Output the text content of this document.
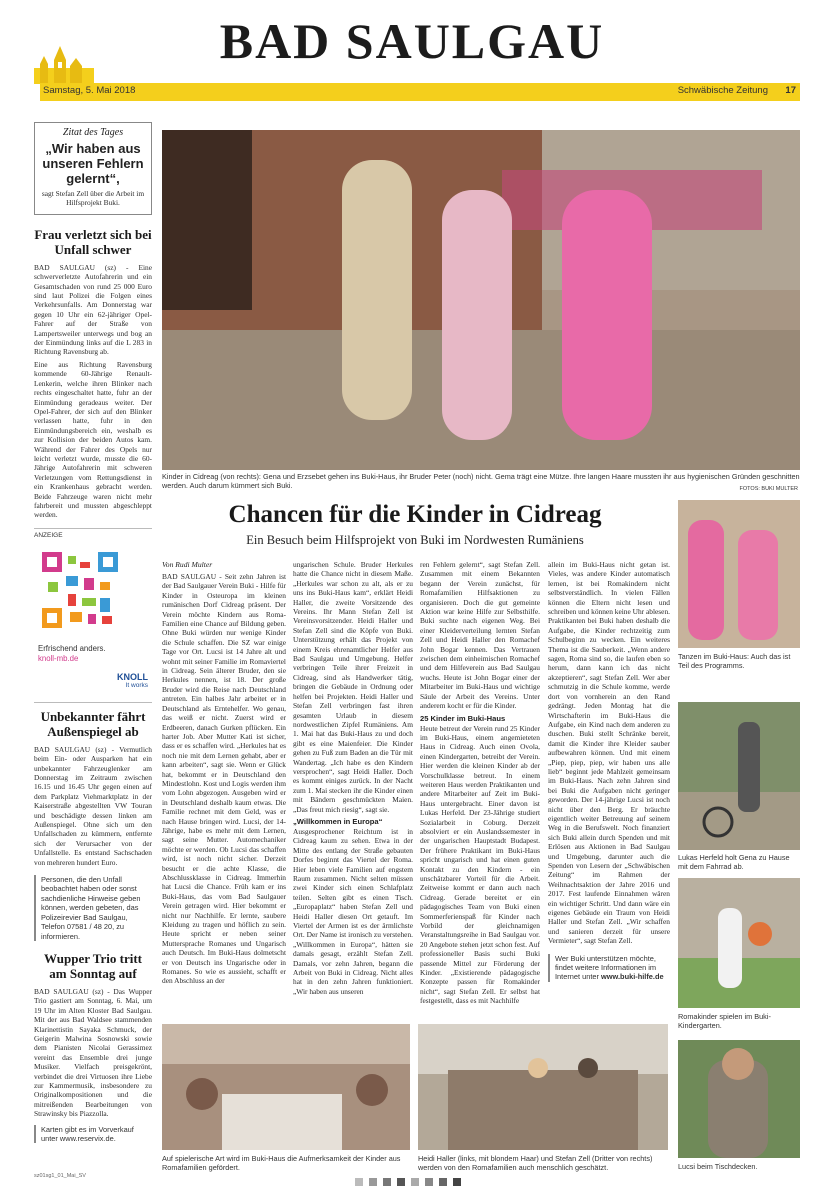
BAD SAULGAU
Samstag, 5. Mai 2018	Schwäbische Zeitung 17
Zitat des Tages
„Wir haben aus unseren Fehlern gelernt“,
sagt Stefan Zell über die Arbeit im Hilfsprojekt Buki.
Frau verletzt sich bei Unfall schwer
BAD SAULGAU (sz) - Eine schwerverletzte Autofahrerin und ein Gesamtschaden von rund 25 000 Euro sind laut Polizei die Folgen eines Verkehrsunfalls. Am Donnerstag war gegen 10 Uhr ein 62-jähriger Opel-Fahrer auf der Straße von Lampertsweiler unterwegs und bog an der Einmündung links auf die L 283 in Richtung Ravensburg ab.
Eine aus Richtung Ravensburg kommende 60-Jährige Renault-Lenkerin, welche ihren Blinker nach rechts eingeschaltet hatte, fuhr an der Einmündung geradeaus weiter. Der Opel-Fahrer, der sich auf den Blinker verlassen hatte, fuhr in den Einmündungsbereich ein, weshalb es zur Kollision der beiden Autos kam. Während der Fahrer des Opels nur leicht verletzt wurde, musste die 60-Jährige Autofahrerin mit schweren Verletzungen vom Rettungsdienst in ein Krankenhaus gebracht werden. Beide Fahrzeuge waren nicht mehr fahrbereit und mussten abgeschleppt werden.
ANZEIGE
Erfrischend anders.
knoll-mb.de
KNOLL
It works
Unbekannter fährt Außenspiegel ab
BAD SAULGAU (sz) - Vermutlich beim Ein- oder Ausparken hat ein unbekannter Fahrzeuglenker am Donnerstag im Zeitraum zwischen 16.15 und 16.45 Uhr gegen einen auf dem Parkplatz Viehmarktplatz in der Kaiserstraße abgestellten VW Touran und beschädigte dessen linken am Außenspiegel. Ohne sich um den Unfallschaden zu kümmern, entfernte sich der Verursacher von der Unfallstelle. Es entstand Sachschaden von mehreren hundert Euro.
Personen, die den Unfall beobachtet haben oder sonst sachdienliche Hinweise geben können, werden gebeten, das Polizeirevier Bad Saulgau, Telefon 07581 / 48 20, zu informieren.
Wupper Trio tritt am Sonntag auf
BAD SAULGAU (sz) - Das Wupper Trio gastiert am Sonntag, 6. Mai, um 19 Uhr im Alten Kloster Bad Saulgau. Mit der aus Bad Waldsee stammenden Klarinettistin Sayaka Schmuck, der Geigerin Malwina Sosnowski sowie dem Pianisten Nicolai Gerassimez vereint das Ensemble drei junge Musiker. Vielfach preisgekrönt, verbindet die drei Virtuosen ihre Liebe zur Kammermusik, insbesondere zu Originalkompositionen und die mitreißenden Bearbeitungen von Strawinsky bis Piazzolla.
Karten gibt es im Vorverkauf unter www.reservix.de.
Kinder in Cidreag (von rechts): Gena und Erzsebet gehen ins Buki-Haus, ihr Bruder Peter (noch) nicht. Gema trägt eine Mütze. Ihre langen Haare mussten ihr aus hygienischen Gründen geschnitten werden. Auch darum kümmert sich Buki.	FOTOS: BUKI MULTER
Chancen für die Kinder in Cidreag
Ein Besuch beim Hilfsprojekt von Buki im Nordwesten Rumäniens
Von Rudi Multer
BAD SAULGAU - Seit zehn Jahren ist der Bad Saulgauer Verein Buki - Hilfe für Kinder in Osteuropa im kleinen rumänischen Dorf Cidreag präsent. Der Verein möchte Kindern aus Roma-Familien eine Chance auf Bildung geben. Ohne Buki würden nur wenige Kinder die Schule schaffen. Die SZ war einige Tage vor Ort. Lucsi ist 14 Jahre alt und wohnt mit seiner Familie im Romaviertel in Cidreag. Sein älterer Bruder, den sie Herkules nennen, ist 18. Der große Bruder wird die Reise nach Deutschland antreten. Ein halbes Jahr arbeitet er in Deutschland als Erntehelfer. Wo genau, das weiß er nicht. Zuerst wird er Erdbeeren, danach Gurken pflücken. Ein harter Job. Aber Mutter Kati ist sicher, dass er es schaffen wird. „Herkules hat es noch nie mit dem Lernen gehabt, aber er kann arbeiten“, sagt sie. Wenn er Glück hat, bekommt er in Deutschland den Mindestlohn. Kost und Logis werden ihm vom Lohn abgezogen. Ausgeben wird er in Deutschland deshalb kaum etwas. Die Familie rechnet mit dem Geld, was er nach Hause bringen wird. Lucsi, der 14-Jährige, habe es mehr mit dem Lernen, sagt seine Mutter. Automechaniker möchte er werden. Ob Lucsi das schaffen wird, ist noch nicht sicher. Derzeit besucht er die achte Klasse, die Abschlussklasse in Cidreag. Immerhin hat Lucsi die Chance. Früh kam er ins Buki-Haus, das vom Bad Saulgauer Verein getragen wird. Hier bekommt er nicht nur Nachhilfe. Er lernte, saubere Kleidung zu tragen und höflich zu sein. Heute spricht er neben seiner Muttersprache Romanes und Ungarisch auch Deutsch. Im Buki-Haus dolmetscht er von Deutsch ins Ungarische oder in Romanes. So wie es aussieht, schafft er den Abschluss an der
ungarischen Schule. Bruder Herkules hatte die Chance nicht in diesem Maße. „Herkules war schon zu alt, als er zu uns ins Buki-Haus kam“, erklärt Heidi Haller, die zweite Vorsitzende des Vereins. Ihr Mann Stefan Zell ist Vereinsvorsitzender. Heidi Haller und Stefan Zell sind die Köpfe von Buki. Unterstützung erhält das Projekt von einem Kreis ehrenamtlicher Helfer aus Bad Saulgau und Umgebung. Helfer verbringen Teile ihrer Freizeit in Cidreag, sind als Handwerker tätig, bringen die Gebäude in Ordnung oder helfen bei Projekten. Heidi Haller und Stefan Zell verbringen fast ihren gesamten Urlaub in diesem nordwestlichen Zipfel Rumäniens. Am 1. Mai hat das Buki-Haus zu und doch gibt es eine Maienfeier. Die Kinder gehen zu Fuß zum Baden an die Tür mit Wandertag. „Ich habe es den Kindern versprochen“, sagt Heidi Haller. Doch es kommt einiges zurück. In der Nacht zum 1. Mai stecken ihr die Kinder einen mit Bändern geschmückten Maien. „Das freut mich riesig“, sagt sie.
„Willkommen in Europa“
Ausgesprochener Reichtum ist in Cidreag kaum zu sehen. Etwa in der Mitte des entlang der Straße gebauten Dorfes beginnt das Viertel der Roma. Hier leben viele Familien auf engstem Raum zusammen. Nicht selten müssen zwei Kinder sich einen Schlafplatz teilen. Selten gibt es einen Tisch. „Europaplatz“ haben Stefan Zell und Heidi Haller diesen Ort getauft. Im Viertel der Armen ist es der ärmlichste Ort. Der Name ist ironisch zu verstehen. „Willkommen in Europa“, hätten sie damals gesagt, erzählt Stefan Zell. Damals, vor zehn Jahren, begann die Arbeit von Buki in Cidreag. Nicht alles hat in den zehn Jahren funktioniert. „Wir haben aus unseren
ren Fehlern gelernt“, sagt Stefan Zell. Zusammen mit einem Bekannten begann der Verein zunächst, für Romafamilien Hilfsaktionen zu organisieren. Doch die gut gemeinte Aktion war keine Hilfe zur Selbsthilfe. Buki suchte nach eigenen Weg. Bei einer Kleiderverteilung lernten Stefan Zell und Heidi Haller den Romachef John Bogar kennen. Das Vertrauen zwischen dem einheimischen Romachef und dem Hilfeverein aus Bad Saulgau wuchs. Heute ist John Bogar einer der Mitarbeiter im Buki-Haus und wichtige Säule der Arbeit des Vereins. Unter anderem kocht er für die Kinder.
25 Kinder im Buki-Haus
Heute betreut der Verein rund 25 Kinder im Buki-Haus, einem angemieteten Haus in Cidreag. Auch einen Ovola, einen Kindergarten, betreibt der Verein. Hier werden die kleinen Kinder ab der Vorschulklasse betreut. In einem weiteren Haus werden Praktikanten und andere Mitarbeiter auf Zeit im Buki-Haus untergebracht. Einer davon ist Lukas Herfeld. Der 23-Jährige studiert Sozialarbeit in Coburg. Derzeit absolviert er ein Auslandssemester in der ungarischen Hauptstadt Budapest. Der frühere Praktikant im Buki-Haus spricht ungarisch und hat einen guten Kontakt zu den Kindern - ein unschätzbarer Vorteil für die Arbeit. Zeitweise kommt er dann auch nach Cidreag. Gerade bereitet er ein pädagogisches Team von Buki einen Sommerferienspaß für Kinder nach Vorbild der gleichnamigen Veranstaltungsreihe in Bad Saulgau vor. 20 Angebote stehen jetzt schon fest. Auf professioneller Basis suchi Buki passende Mittel zur Förderung der Kinder. „Existierende pädagogische Konzepte passen für Romakinder nicht“, sagt Stefan Zell. Er selbst hat festgestellt, dass es mit Nachhilfe
allein im Buki-Haus nicht getan ist. Vieles, was andere Kinder automatisch lernen, ist bei Romakindern nicht selbstverständlich. In vielen Fällen können die Eltern nicht lesen und schreiben und können keine Uhr ablesen. Praktikanten bei Buki haben deshalb die Aufgabe, die Kinder rechtzeitig zum Schulbeginn zu wecken. Ein weiteres Thema ist die Sauberkeit. „Wenn andere sagen, Roma sind so, die laufen eben so herum, dann kann ich das nicht akzeptieren“, sagt Stefan Zell. Wer aber schmutzig in die Schule komme, werde dort von vornherein an den Rand gedrängt. Jeden Montag hat die Wirtschafterin im Buki-Haus die Aufgabe, ein Kind nach dem anderen zu duschen. Buki stellt Schränke bereit, damit die Kinder ihre Kleider sauber aufbewahren können. Und mit einem „Piep, piep, piep, wir haben uns alle lieb“ beginnt jede Mahlzeit gemeinsam im Buki-Haus. Nach zehn Jahren sind bei Buki die Aufgaben nicht geringer geworden. Der 14-jährige Lucsi ist noch nicht über den Berg. Er bräuchte eigentlich weiter Betreuung auf seinem Weg in die Berufswelt. Noch finanziert sich Buki allein durch Spenden und mit Erlösen aus Aktionen in Bad Saulgau und Umgebung, darunter auch die Spenden von Lesern der „Schwäbischen Zeitung“ im Rahmen der Weihnachtsaktion der Jahre 2016 und 2017. Fest laufende Einnahmen wären ein wichtiger Schritt. Und dann wäre ein eigenes Gebäude ein Traum von Heidi Haller und Stefan Zell. „Wir schaffen und sanieren derzeit für unsere Vermieter“, sagt Stefan Zell.
Wer Buki unterstützen möchte, findet weitere Informationen im Internet unter www.buki-hilfe.de
Tanzen im Buki-Haus: Auch das ist Teil des Programms.
Lukas Herfeld holt Gena zu Hause mit dem Fahrrad ab.
Romakinder spielen im Buki-Kindergarten.
Lucsi beim Tischdecken.
Auf spielerische Art wird im Buki-Haus die Aufmerksamkeit der Kinder aus Romafamilien gefördert.
Heidi Haller (links, mit blondem Haar) und Stefan Zell (Dritter von rechts) werden von den Romafamilien auch menschlich geschätzt.
sz01sg1_01_Mai_SV
